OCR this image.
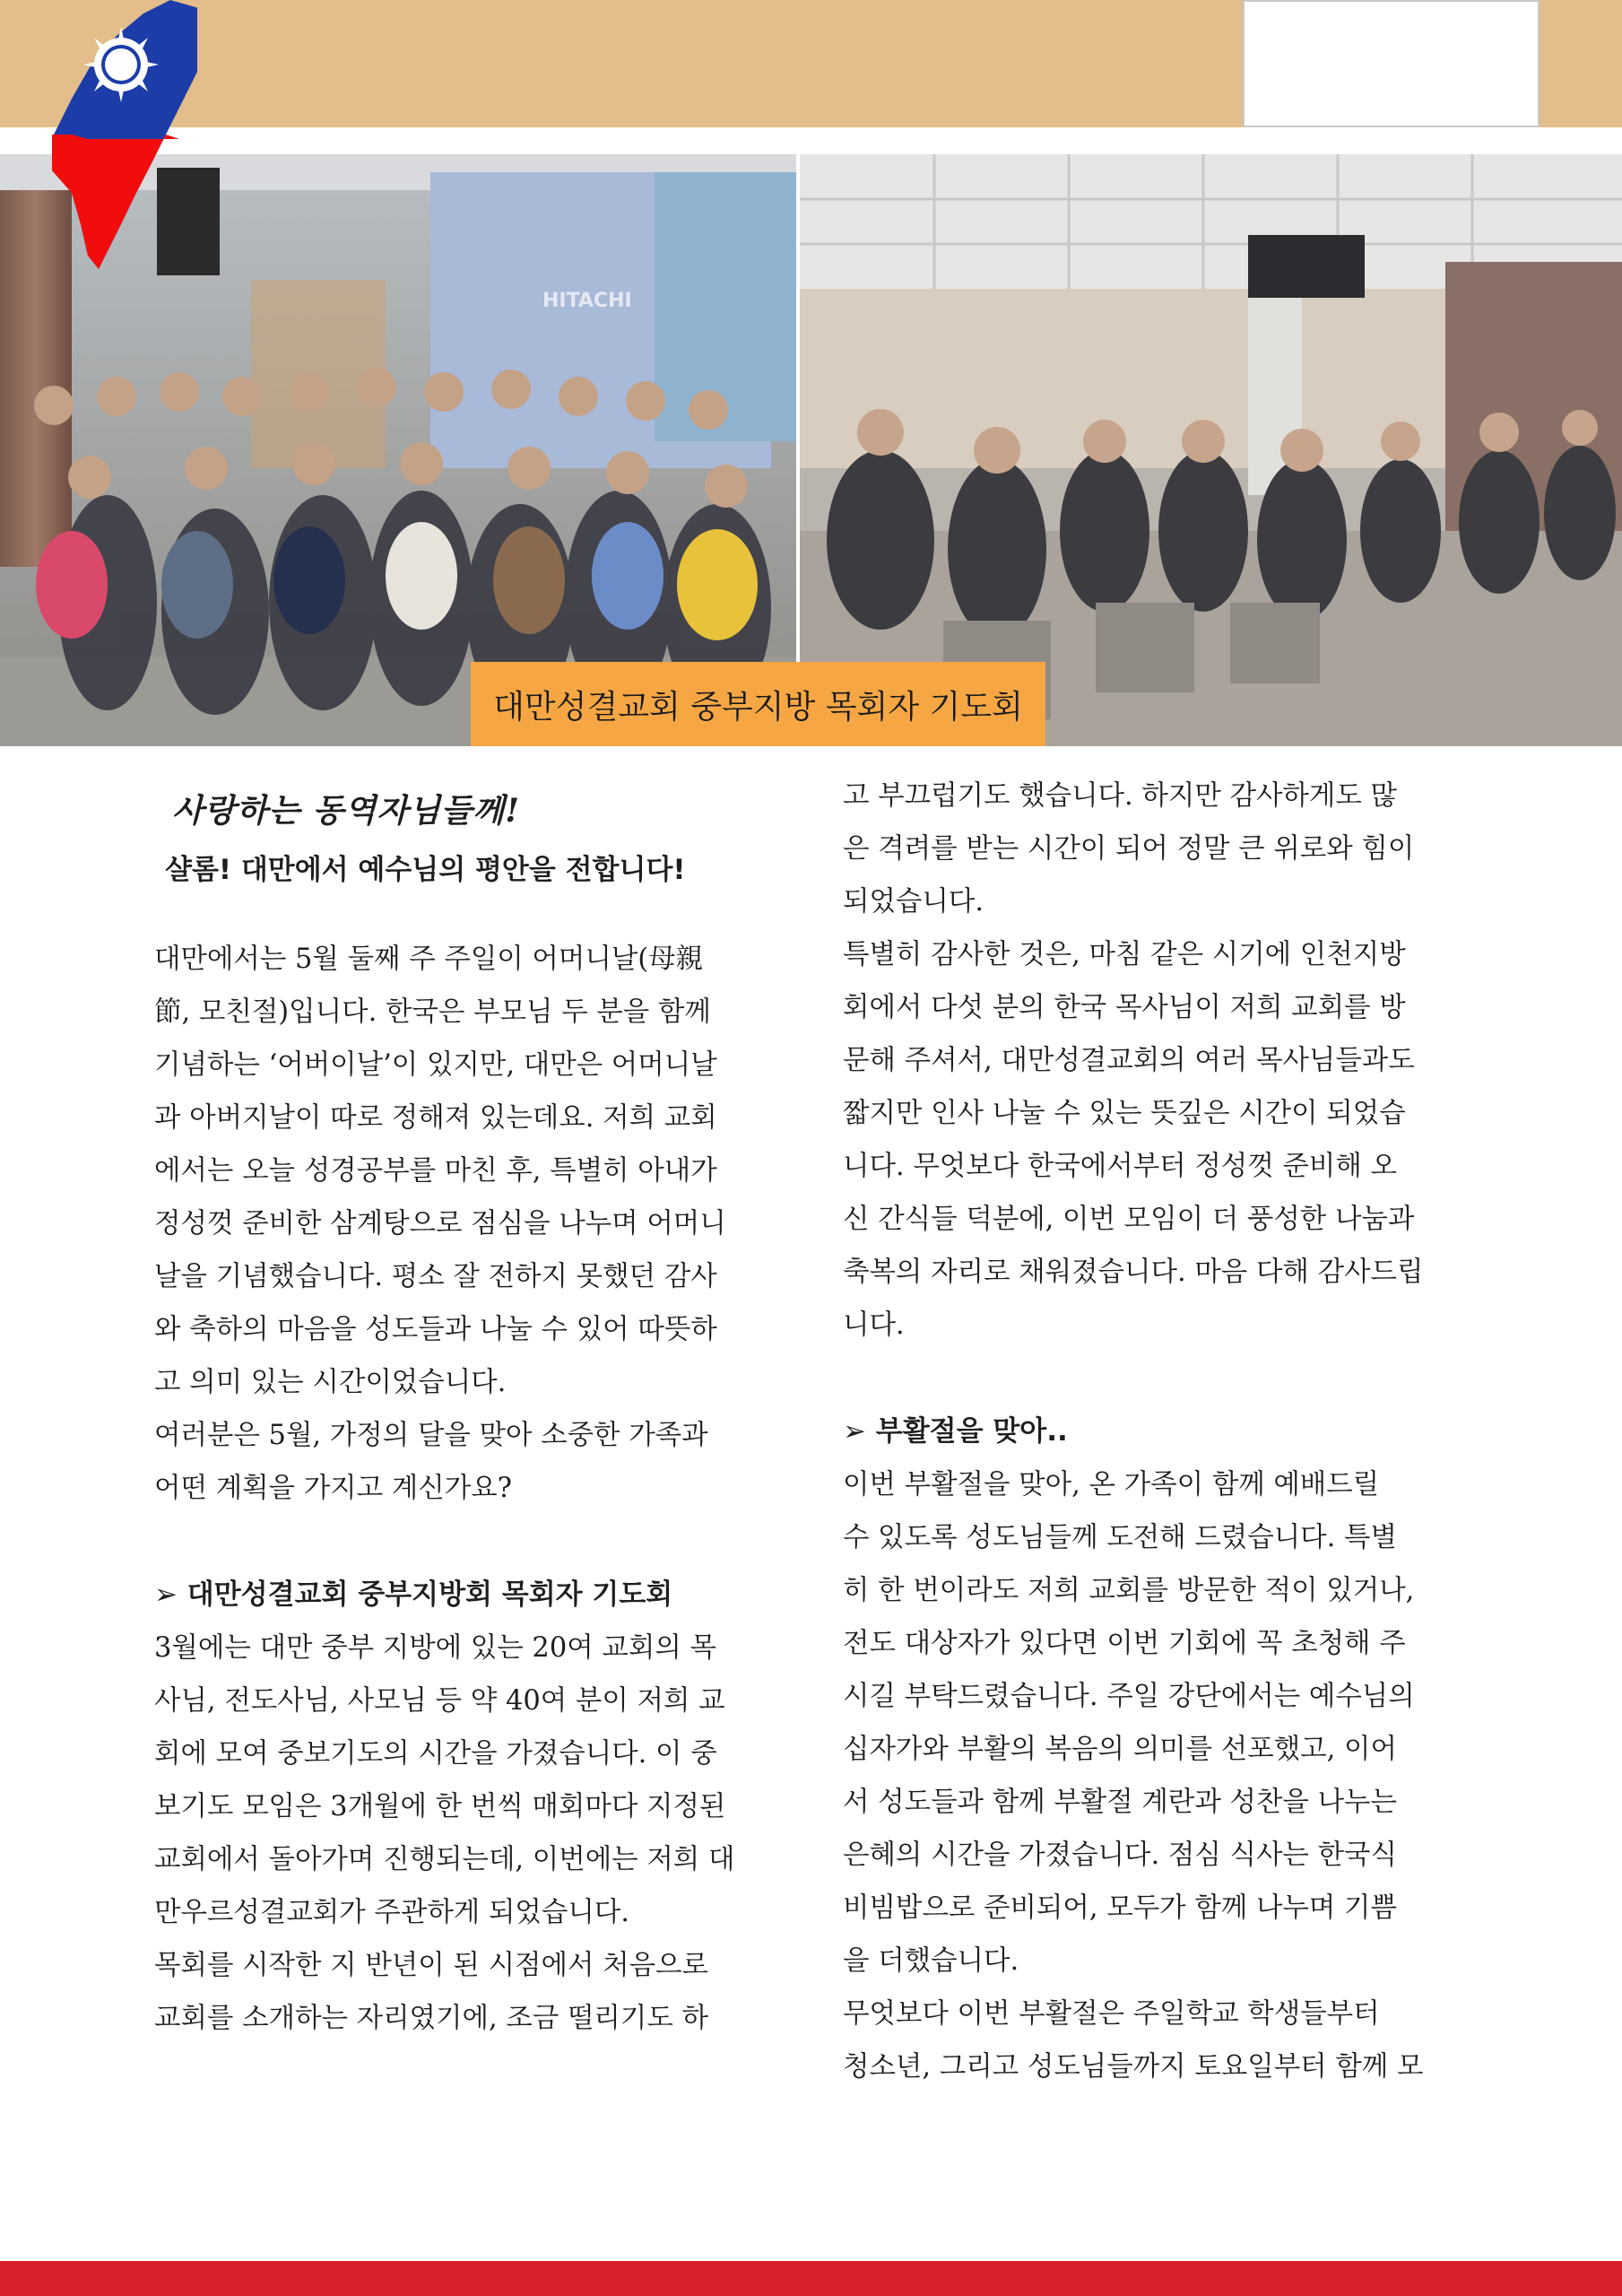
HITACHI
대만성결교회 중부지방 목회자 기도회
사랑하는 동역자님들께!
샬롬! 대만에서 예수님의 평안을 전합니다!
대만에서는 5월 둘째 주 주일이 어머니날(母親
節, 모친절)입니다. 한국은 부모님 두 분을 함께
기념하는 ‘어버이날’이 있지만, 대만은 어머니날
과 아버지날이 따로 정해져 있는데요. 저희 교회
에서는 오늘 성경공부를 마친 후, 특별히 아내가
정성껏 준비한 삼계탕으로 점심을 나누며 어머니
날을 기념했습니다. 평소 잘 전하지 못했던 감사
와 축하의 마음을 성도들과 나눌 수 있어 따뜻하
고 의미 있는 시간이었습니다.
여러분은 5월, 가정의 달을 맞아 소중한 가족과
어떤 계획을 가지고 계신가요?
➢ 대만성결교회 중부지방회 목회자 기도회
3월에는 대만 중부 지방에 있는 20여 교회의 목
사님, 전도사님, 사모님 등 약 40여 분이 저희 교
회에 모여 중보기도의 시간을 가졌습니다. 이 중
보기도 모임은 3개월에 한 번씩 매회마다 지정된
교회에서 돌아가며 진행되는데, 이번에는 저희 대
만우르성결교회가 주관하게 되었습니다.
목회를 시작한 지 반년이 된 시점에서 처음으로
교회를 소개하는 자리였기에, 조금 떨리기도 하
고 부끄럽기도 했습니다. 하지만 감사하게도 많
은 격려를 받는 시간이 되어 정말 큰 위로와 힘이
되었습니다.
특별히 감사한 것은, 마침 같은 시기에 인천지방
회에서 다섯 분의 한국 목사님이 저희 교회를 방
문해 주셔서, 대만성결교회의 여러 목사님들과도
짧지만 인사 나눌 수 있는 뜻깊은 시간이 되었습
니다. 무엇보다 한국에서부터 정성껏 준비해 오
신 간식들 덕분에, 이번 모임이 더 풍성한 나눔과
축복의 자리로 채워졌습니다. 마음 다해 감사드립
니다.
➢ 부활절을 맞아..
이번 부활절을 맞아, 온 가족이 함께 예배드릴
수 있도록 성도님들께 도전해 드렸습니다. 특별
히 한 번이라도 저희 교회를 방문한 적이 있거나,
전도 대상자가 있다면 이번 기회에 꼭 초청해 주
시길 부탁드렸습니다. 주일 강단에서는 예수님의
십자가와 부활의 복음의 의미를 선포했고, 이어
서 성도들과 함께 부활절 계란과 성찬을 나누는
은혜의 시간을 가졌습니다. 점심 식사는 한국식
비빔밥으로 준비되어, 모두가 함께 나누며 기쁨
을 더했습니다.
무엇보다 이번 부활절은 주일학교 학생들부터
청소년, 그리고 성도님들까지 토요일부터 함께 모
